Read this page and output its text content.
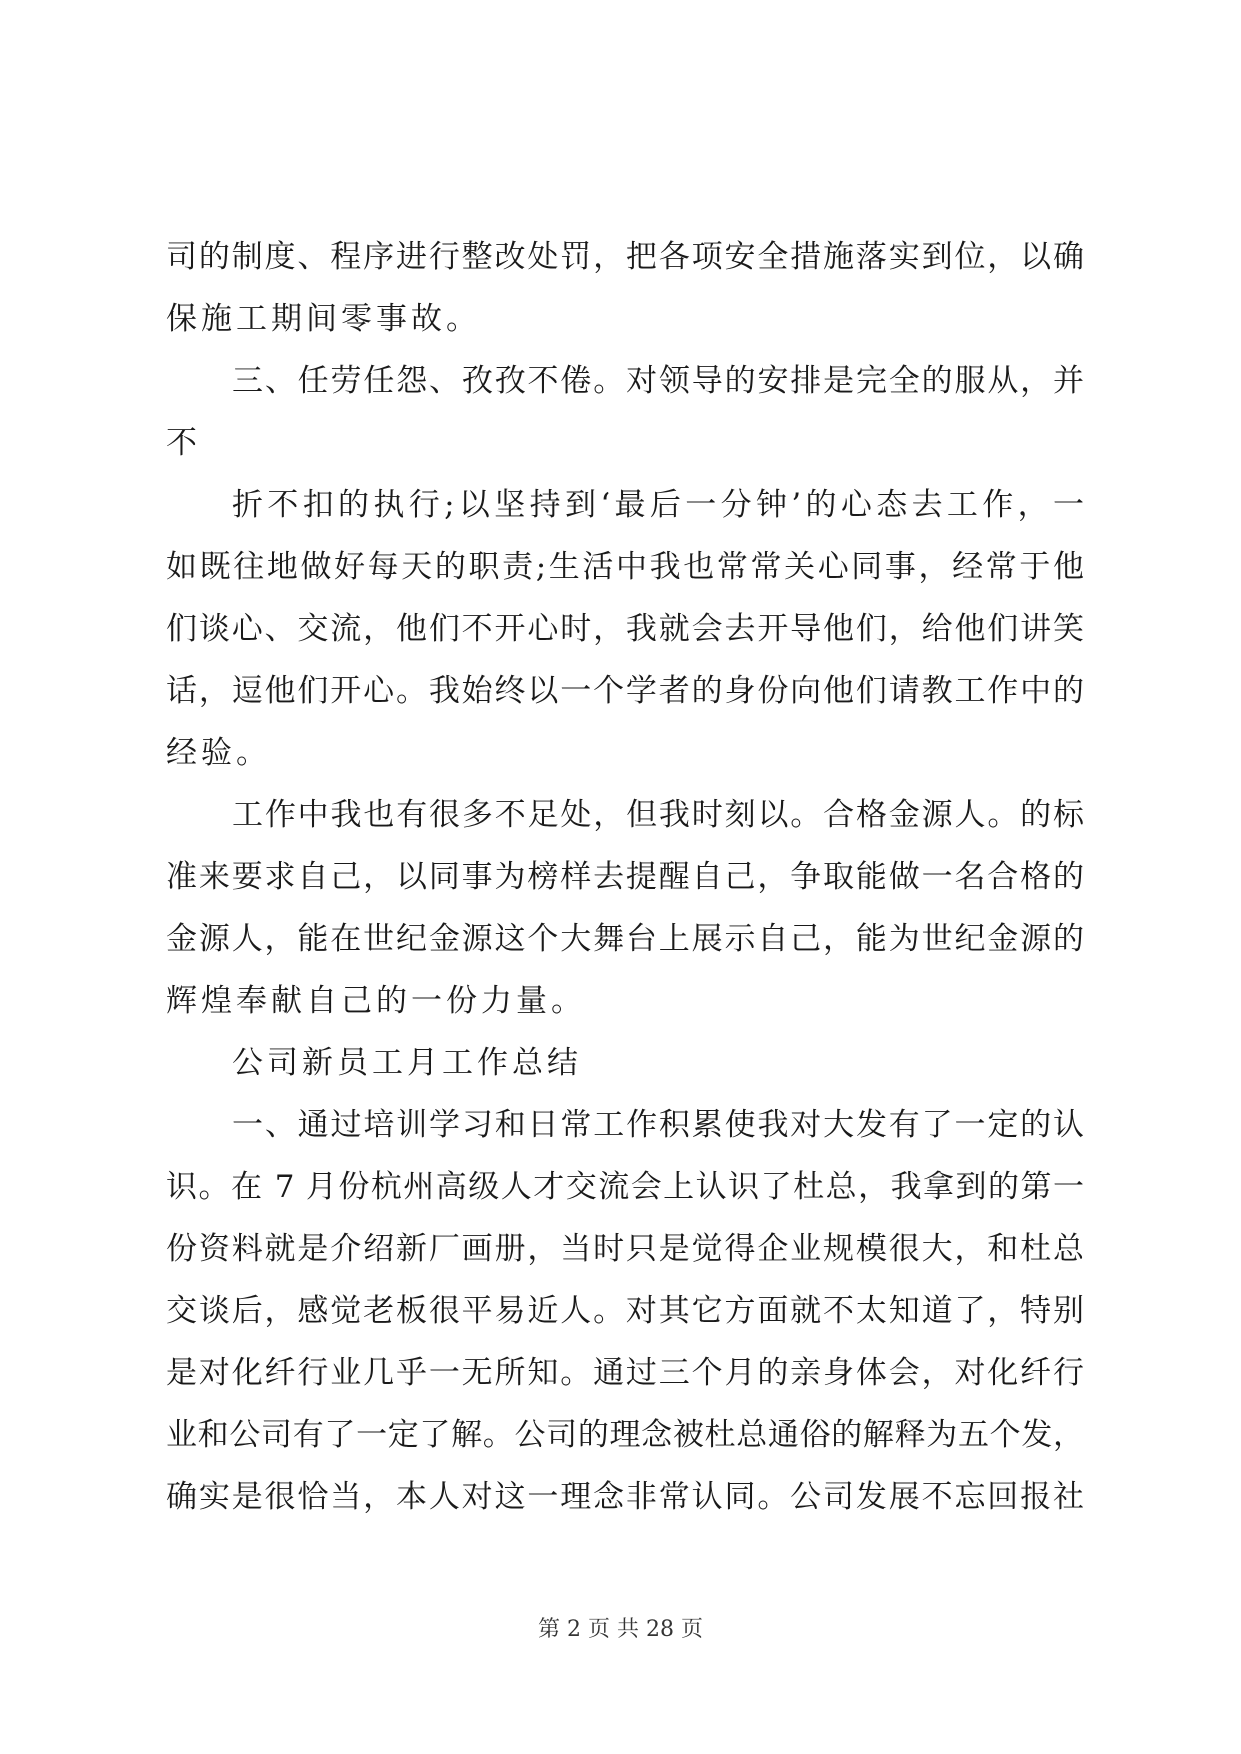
司的制度、程序进行整改处罚，把各项安全措施落实到位，以确
保施工期间零事故。
三、任劳任怨、孜孜不倦。对领导的安排是完全的服从，并
不
折不扣的执行;以坚持到‘最后一分钟’的心态去工作，一
如既往地做好每天的职责;生活中我也常常关心同事，经常于他
们谈心、交流，他们不开心时，我就会去开导他们，给他们讲笑
话，逗他们开心。我始终以一个学者的身份向他们请教工作中的
经验。
工作中我也有很多不足处，但我时刻以。合格金源人。的标
准来要求自己，以同事为榜样去提醒自己，争取能做一名合格的
金源人，能在世纪金源这个大舞台上展示自己，能为世纪金源的
辉煌奉献自己的一份力量。
公司新员工月工作总结
一、通过培训学习和日常工作积累使我对大发有了一定的认
识。在 7 月份杭州高级人才交流会上认识了杜总，我拿到的第一
份资料就是介绍新厂画册，当时只是觉得企业规模很大，和杜总
交谈后，感觉老板很平易近人。对其它方面就不太知道了，特别
是对化纤行业几乎一无所知。通过三个月的亲身体会，对化纤行
业和公司有了一定了解。公司的理念被杜总通俗的解释为五个发，
确实是很恰当，本人对这一理念非常认同。公司发展不忘回报社
第 2 页 共 28 页
